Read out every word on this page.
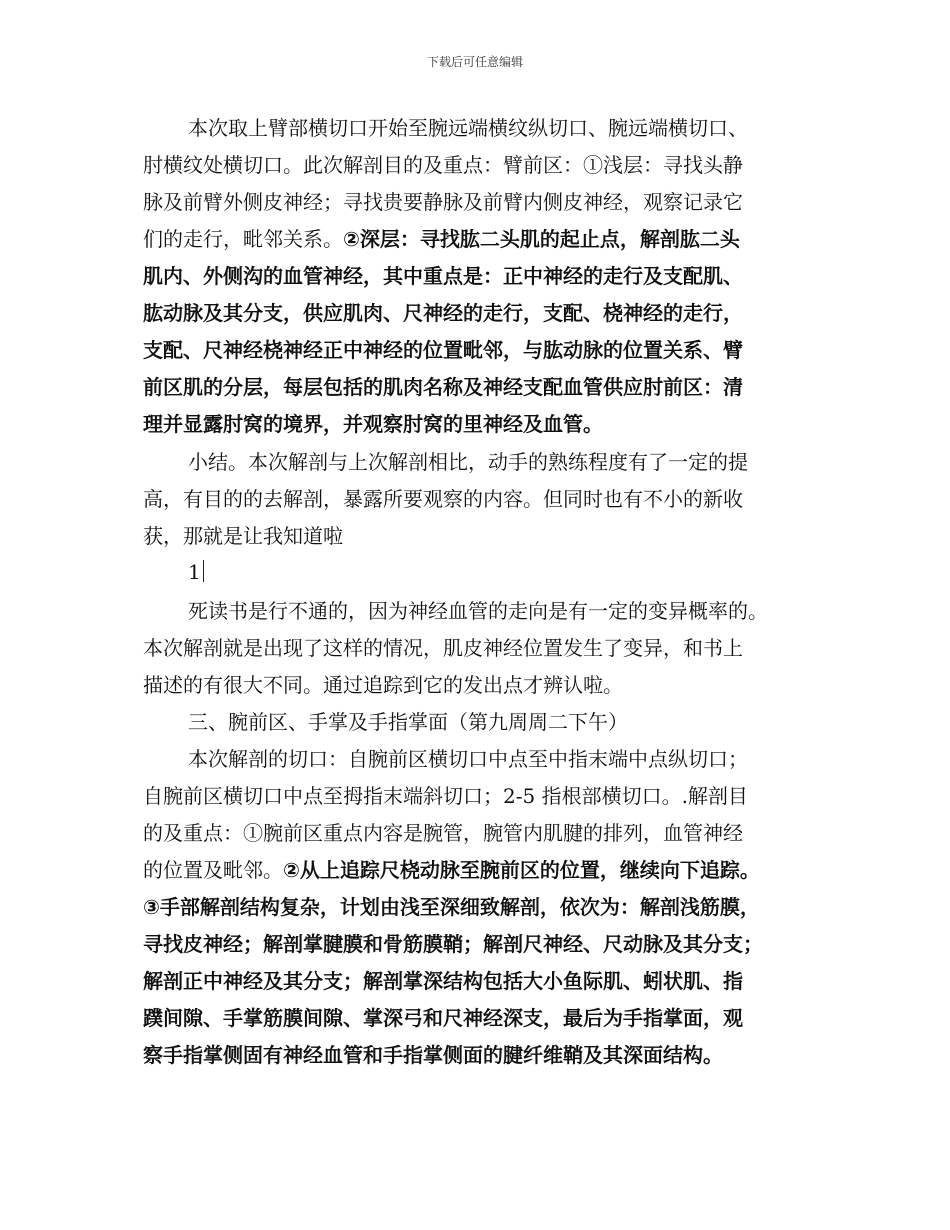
下载后可任意编辑
本次取上臂部横切口开始至腕远端横纹纵切口、腕远端横切口、
肘横纹处横切口。此次解剖目的及重点：臂前区：①浅层：寻找头静
脉及前臂外侧皮神经；寻找贵要静脉及前臂内侧皮神经，观察记录它
们的走行，毗邻关系。②深层：寻找肱二头肌的起止点，解剖肱二头
肌内、外侧沟的血管神经，其中重点是：正中神经的走行及支配肌、
肱动脉及其分支，供应肌肉、尺神经的走行，支配、桡神经的走行，
支配、尺神经桡神经正中神经的位置毗邻，与肱动脉的位置关系、臂
前区肌的分层，每层包括的肌肉名称及神经支配血管供应肘前区：清
理并显露肘窝的境界，并观察肘窝的里神经及血管。
小结。本次解剖与上次解剖相比，动手的熟练程度有了一定的提
高，有目的的去解剖，暴露所要观察的内容。但同时也有不小的新收
获，那就是让我知道啦
1
死读书是行不通的，因为神经血管的走向是有一定的变异概率的。
本次解剖就是出现了这样的情况，肌皮神经位置发生了变异，和书上
描述的有很大不同。通过追踪到它的发出点才辨认啦。
三、腕前区、手掌及手指掌面（第九周周二下午）
本次解剖的切口：自腕前区横切口中点至中指末端中点纵切口；
自腕前区横切口中点至拇指末端斜切口；2-5 指根部横切口。.解剖目
的及重点：①腕前区重点内容是腕管，腕管内肌腱的排列，血管神经
的位置及毗邻。②从上追踪尺桡动脉至腕前区的位置，继续向下追踪。
③手部解剖结构复杂，计划由浅至深细致解剖，依次为：解剖浅筋膜，
寻找皮神经；解剖掌腱膜和骨筋膜鞘；解剖尺神经、尺动脉及其分支；
解剖正中神经及其分支；解剖掌深结构包括大小鱼际肌、蚓状肌、指
蹼间隙、手掌筋膜间隙、掌深弓和尺神经深支，最后为手指掌面，观
察手指掌侧固有神经血管和手指掌侧面的腱纤维鞘及其深面结构。
